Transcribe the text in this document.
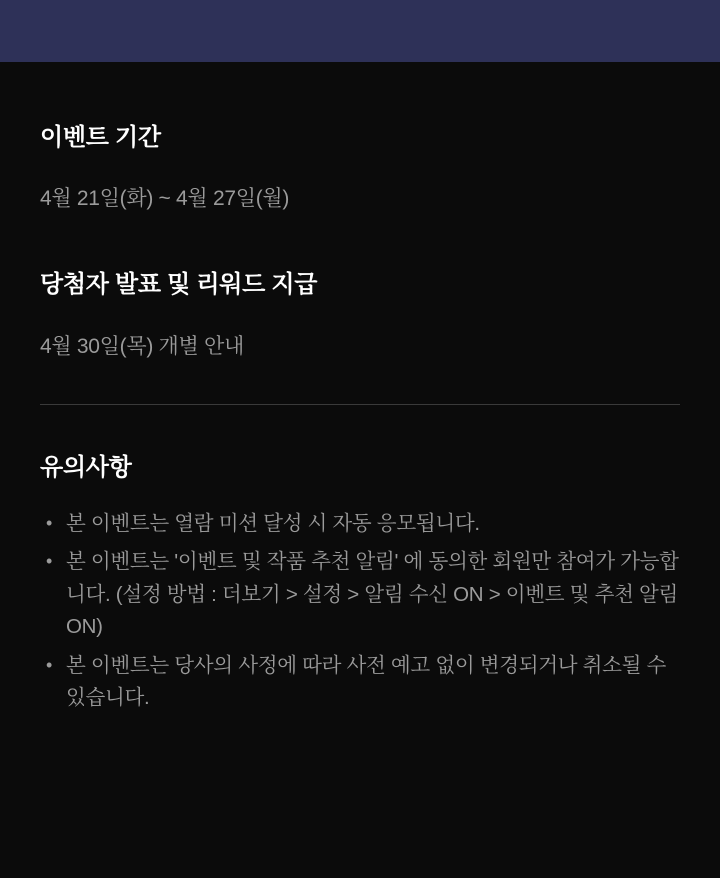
이벤트 기간

4월 21일(화) ~ 4월 27일(월)

당첨자 발표 및 리워드 지급

4월 30일(목) 개별 안내

유의사항
• 본 이벤트는 열람 미션 달성 시 자동 응모됩니다.
• 본 이벤트는 '이벤트 및 작품 추천 알림' 에 동의한 회원만 참여가 가능합니다. (설정 방법 : 더보기 > 설정 > 알림 수신 ON > 이벤트 및 추천 알림 ON)
• 본 이벤트는 당사의 사정에 따라 사전 예고 없이 변경되거나 취소될 수 있습니다.
